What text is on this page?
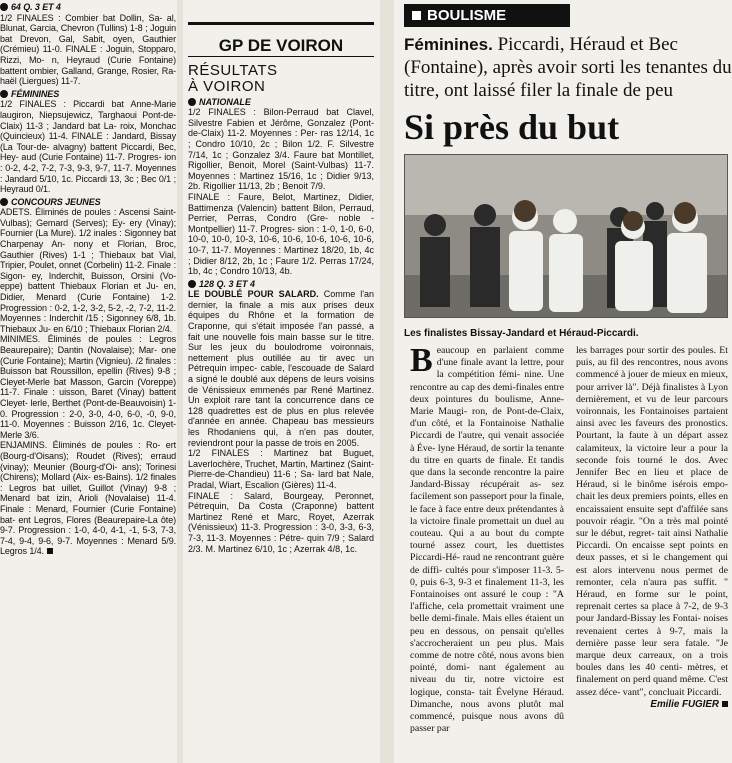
64 Q. 3 ET 4

1/2 FINALES : Combier bat Dollin, Sa- al, Blunat, Garcia, Chevron (Tullins) 1-8 ; Joguin bat Drevon, Gal, Sabit, oyen, Gauthier (Crémieu) 11-0. FINALE : Joguin, Stopparo, Rizzi, Mo- n, Heyraud (Curie Fontaine) battent ombier, Galland, Grange, Rosier, Ra- haël (Liergues) 11-7.

FÉMININES

1/2 FINALES : Piccardi bat Anne-Marie laugiron, Niepsujewicz, Targhaoui Pont-de-Claix) 11-3 ; Jandard bat La- roix, Monchac (Quincieux) 11-4. FINALE : Jandard, Bissay (La Tour-de- alvagny) battent Piccardi, Bec, Hey- aud (Curie Fontaine) 11-7. Progres- ion : 0-2, 4-2, 7-2, 7-3, 9-3, 9-7, 11-7. Moyennes : Jandard 5/10, 1c. Piccardi 13, 3c ; Bec 0/1 ; Heyraud 0/1.

CONCOURS JEUNES

ADETS. Éliminés de poules : Ascensi Saint-Vulbas); Gemard (Serves); Ey- ery (Vinay); Fournier (La Mure). 1/2 inales : Sigonney bat Charpenay An- nony et Florian, Broc, Gauthier (Rives) 1-1 ; Thiebaux bat Vial, Tripier, Poulet, onnet (Corbelin) 11-2. Finale : Sigon- ey, Inderchit, Buisson, Orsini (Vo- eppe) battent Thiebaux Florian et Ju- en, Didier, Menard (Curie Fontaine) 1-2. Progression : 0-2, 1-2, 3-2, 5-2, -2, 7-2, 11-2. Moyennes : Inderchit /15 ; Sigonney 6/8, 1b. Thiebaux Ju- en 6/10 ; Thiebaux Florian 2/4.

MINIMES. Éliminés de poules : Legros Beaurepaire); Dantin (Novalaise); Mar- one (Curie Fontaine); Martin (Vignieu). /2 finales : Buisson bat Roussillon, epellin (Rives) 9-8 ; Cleyet-Merle bat Masson, Garcin (Voreppe) 11-7. Finale : uisson, Baret (Vinay) battent Cleyet- lerle, Berthet (Pont-de-Beauvoisin) 1-0. Progression : 2-0, 3-0, 4-0, 6-0, -0, 9-0, 11-0. Moyennes : Buisson 2/16, 1c. Cleyet-Merle 3/6.

ENJAMINS. Éliminés de poules : Ro- ert (Bourg-d'Oisans); Roudet (Rives); erraud (vinay); Meunier (Bourg-d'Oi- ans); Torinesi (Chirens); Mollard (Aix- es-Bains). 1/2 finales : Legros bat uillet, Guillot (Vinay) 9-8 ; Menard bat izin, Arioli (Novalaise) 11-4. Finale : Menard, Fournier (Curie Fontaine) bat- ent Legros, Flores (Beaurepaire-La ôte) 9-7. Progression : 1-0, 4-0, 4-1, -1, 5-3, 7-3, 7-4, 9-4, 9-6, 9-7. Moyennes : Menard 5/9. Legros 1/4.

GP DE VOIRON
RÉSULTATS
À VOIRON
NATIONALE

1/2 FINALES : Bilon-Perraud bat Clavel, Silvestre Fabien et Jérôme, Gonzalez (Pont-de-Claix) 11-2. Moyennes : Per- ras 12/14, 1c ; Condro 10/10, 2c ; Bilon 1/2. F. Silvestre 7/14, 1c ; Gonzalez 3/4. Faure bat Montillet, Rigollier, Benoit, Morel (Saint-Vulbas) 11-7. Moyennes : Martinez 15/16, 1c ; Didier 9/13, 2b. Rigollier 11/13, 2b ; Benoit 7/9.

FINALE : Faure, Belot, Martinez, Didier, Battimenza (Valencin) battent Bilon, Perraud, Perrier, Perras, Condro (Gre- noble - Montpellier) 11-7. Progres- sion : 1-0, 1-0, 6-0, 10-0, 10-0, 10-3, 10-6, 10-6, 10-6, 10-6, 10-6, 10-7, 11-7. Moyennes : Martinez 18/20, 1b, 4c ; Didier 8/12, 2b, 1c ; Faure 1/2. Perras 17/24, 1b, 4c ; Condro 10/13, 4b.

128 Q. 3 ET 4

LE DOUBLÉ POUR SALARD. Comme l'an dernier, la finale a mis aux prises deux équipes du Rhône et la formation de Craponne, qui s'était imposée l'an passé, a fait une nouvelle fois main basse sur le titre. Sur les jeux du boulodrome voironnais, nettement plus outillée au tir avec un Pétrequin impec- cable, l'escouade de Salard a signé le doublé aux dépens de leurs voisins de Vénissieux emmenés par René Martinez. Un exploit rare tant la concurrence dans ce 128 quadrettes est de plus en plus relevée d'année en année. Chapeau bas messieurs les Rhodaniens qui, à n'en pas douter, reviendront pour la passe de trois en 2005.

1/2 FINALES : Martinez bat Buguet, Laverlochère, Truchet, Martin, Martinez (Saint-Pierre-de-Chandieu) 11-6 ; Sa- lard bat Nale, Pradal, Wiart, Escalion (Gières) 11-4.

FINALE : Salard, Bourgeay, Peronnet, Pétrequin, Da Costa (Craponne) battent Martinez René et Marc, Royet, Azerrak (Vénissieux) 11-3. Progression : 3-0, 3-3, 6-3, 7-3, 11-3. Moyennes : Pétre- quin 7/9 ; Salard 2/3. M. Martinez 6/10, 1c ; Azerrak 4/8, 1c.

BOULISME

Féminines. Piccardi, Héraud et Bec (Fontaine), après avoir sorti les tenantes du titre, ont laissé filer la finale de peu

Si près du but
Les finalistes Bissay-Jandard et Héraud-Piccardi.
B eaucoup en parlaient comme d'une finale avant la lettre, pour la compétition fémi- nine. Une rencontre au cap des demi-finales entre deux pointures du boulisme, Anne-Marie Maugi- ron, de Pont-de-Claix, d'un côté, et la Fontainoise Nathalie Piccardi de l'autre, qui venait associée à Éve- lyne Héraud, de sortir la tenante du titre en quarts de finale. Et tandis que dans la seconde rencontre la paire Jandard-Bissay récupérait as- sez facilement son passeport pour la finale, le face à face entre deux prétendantes à la victoire finale promettait un duel au couteau. Qui a au bout du compte tourné assez court, les duettistes Piccardi-Hé- raud ne rencontrant guère de diffi- cultés pour s'imposer 11-3. 5-0, puis 6-3, 9-3 et finalement 11-3, les Fontainoises ont assuré le coup : "A l'affiche, cela promettait vraiment une belle demi-finale. Mais elles étaient un peu en dessous, on pensait qu'elles s'accrocheraient un peu plus. Mais comme de notre côté, nous avons bien pointé, domi- nant également au niveau du tir, notre victoire est logique, consta- tait Évelyne Héraud. Dimanche, nous avons plutôt mal commencé, puisque nous avons dû passer par
les barrages pour sortir des poules. Et puis, au fil des rencontres, nous avons commencé à jouer de mieux en mieux, pour arriver là". Déjà finalistes à Lyon dernièrement, et vu de leur parcours voironnais, les Fontainoises partaient ainsi avec les faveurs des pronostics. Pourtant, la faute à un départ assez calamiteux, la victoire leur a pour la seconde fois tourné le dos. Avec Jennifer Bec en lieu et place de Héraud, si le binôme isérois empo- chait les deux premiers points, elles en encaissaient ensuite sept d'affilée sans pouvoir réagir. "On a très mal pointé sur le début, regret- tait ainsi Nathalie Piccardi. On encaisse sept points en deux passes, et si le changement qui est alors intervenu nous permet de remonter, cela n'aura pas suffit. " Héraud, en forme sur le point, reprenait certes sa place à 7-2, de 9-3 pour Jandard-Bissay les Fontai- noises revenaient certes à 9-7, mais la dernière passe leur sera fatale. "Je marque deux carreaux, on a trois boules dans les 40 centi- mètres, et finalement on perd quand même. C'est assez déce- vant", concluait Piccardi.
Emilie FUGIER
